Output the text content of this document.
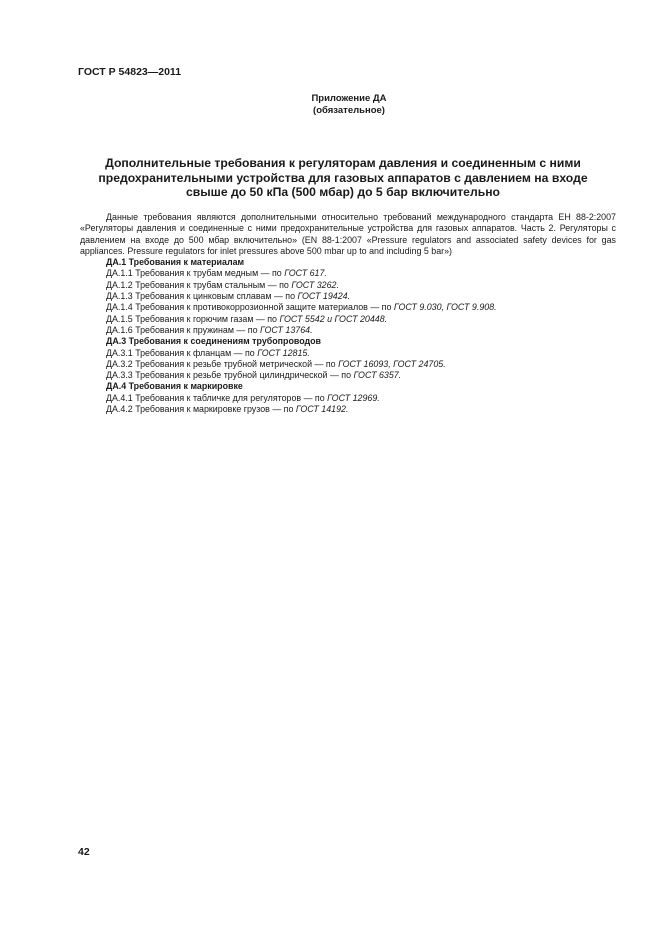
ГОСТ Р 54823—2011
Приложение ДА
(обязательное)
Дополнительные требования к регуляторам давления и соединенным с ними предохранительными устройства для газовых аппаратов с давлением на входе свыше до 50 кПа (500 мбар) до 5 бар включительно
Данные требования являются дополнительными относительно требований международного стандарта ЕН 88-2:2007 «Регуляторы давления и соединенные с ними предохранительные устройства для газовых аппаратов. Часть 2. Регуляторы с давлением на входе до 500 мбар включительно» (EN 88-1:2007 «Pressure regulators and associated safety devices for gas appliances. Pressure regulators for inlet pressures above 500 mbar up to and including 5 bar»)
ДА.1 Требования к материалам
ДА.1.1 Требования к трубам медным — по ГОСТ 617.
ДА.1.2 Требования к трубам стальным — по ГОСТ 3262.
ДА.1.3 Требования к цинковым сплавам — по ГОСТ 19424.
ДА.1.4 Требования к противокоррозионной защите материалов — по ГОСТ 9.030, ГОСТ 9.908.
ДА.1.5 Требования к горючим газам — по ГОСТ 5542 и ГОСТ 20448.
ДА.1.6 Требования к пружинам — по ГОСТ 13764.
ДА.3 Требования к соединениям трубопроводов
ДА.3.1 Требования к фланцам — по ГОСТ 12815.
ДА.3.2 Требования к резьбе трубной метрической — по ГОСТ 16093, ГОСТ 24705.
ДА.3.3 Требования к резьбе трубной цилиндрической — по ГОСТ 6357.
ДА.4 Требования к маркировке
ДА.4.1 Требования к табличке для регуляторов — по ГОСТ 12969.
ДА.4.2 Требования к маркировке грузов — по ГОСТ 14192.
42
